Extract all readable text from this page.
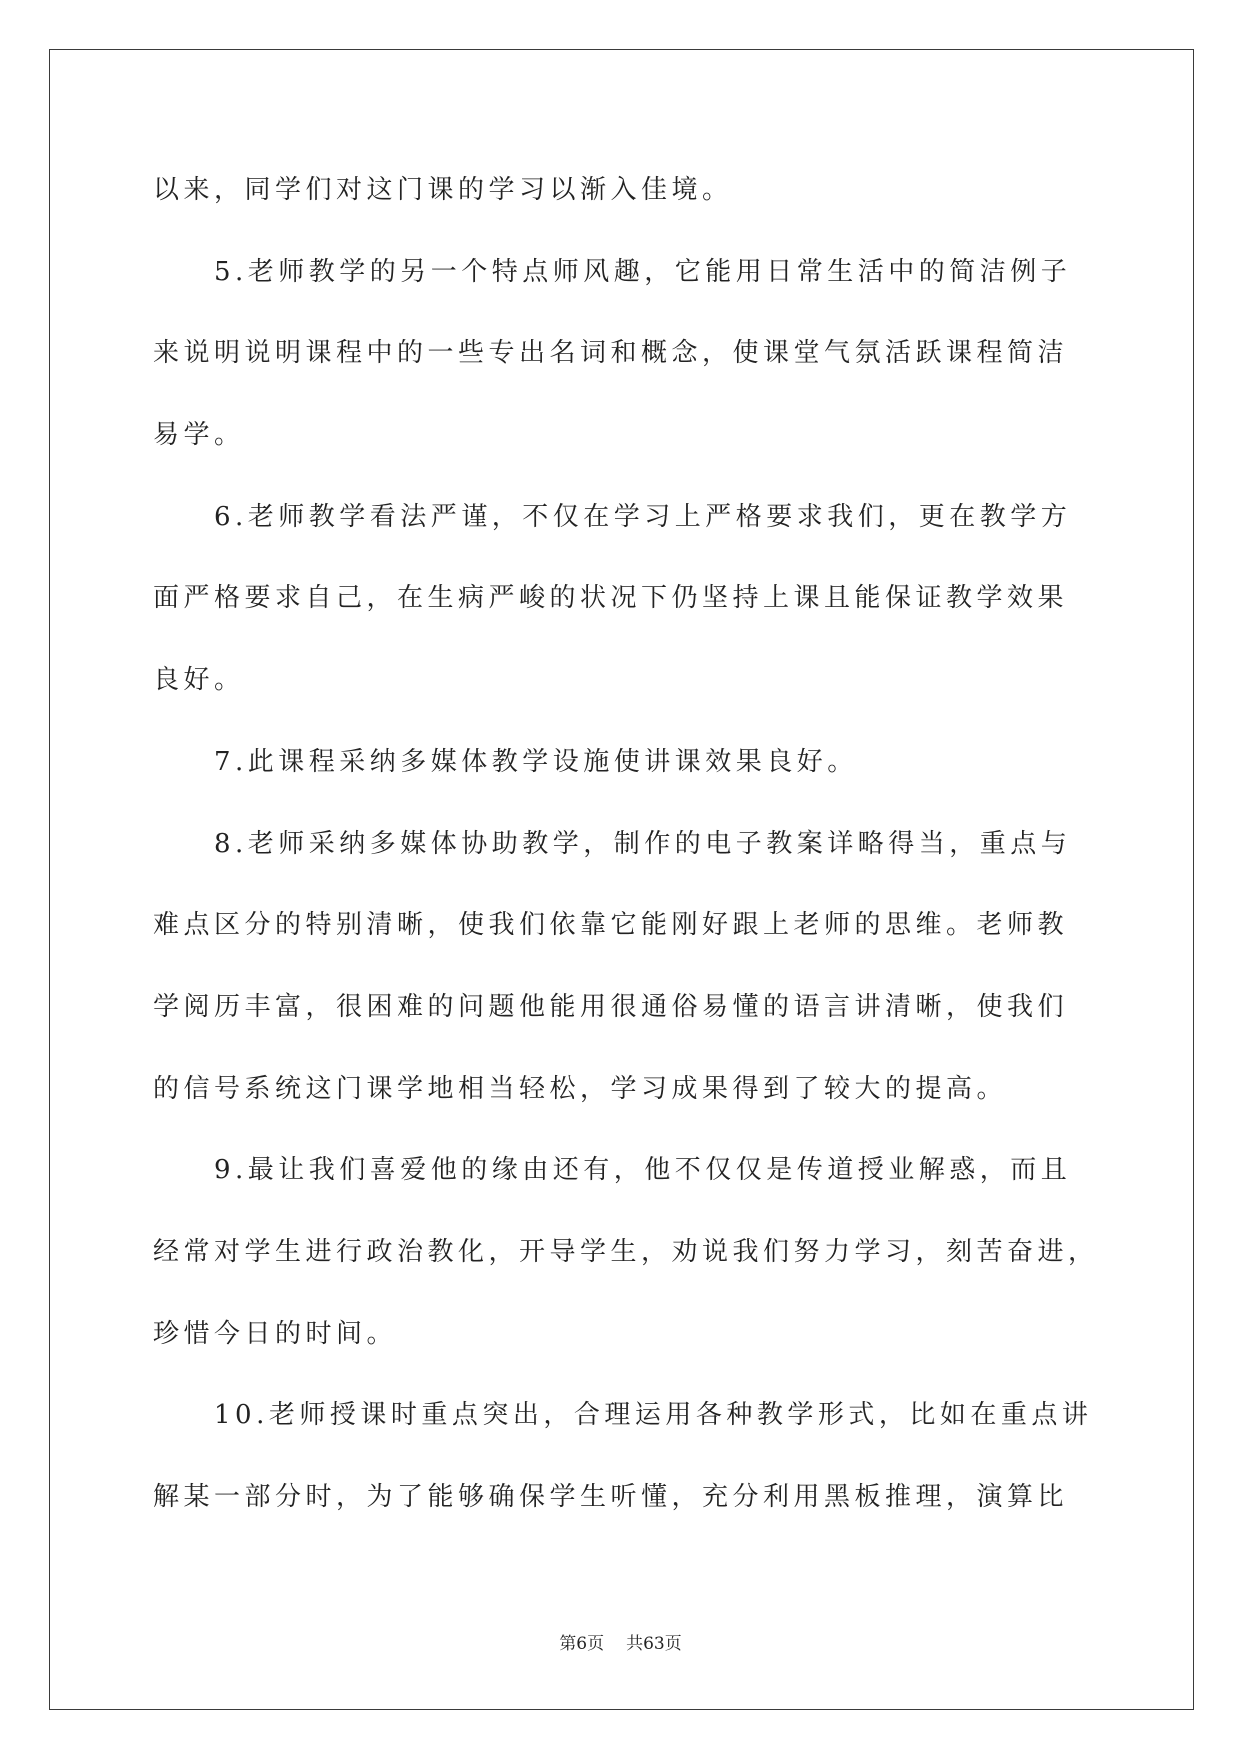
以来，同学们对这门课的学习以渐入佳境。
5.老师教学的另一个特点师风趣，它能用日常生活中的简洁例子
来说明说明课程中的一些专出名词和概念，使课堂气氛活跃课程简洁
易学。
6.老师教学看法严谨，不仅在学习上严格要求我们，更在教学方
面严格要求自己，在生病严峻的状况下仍坚持上课且能保证教学效果
良好。
7.此课程采纳多媒体教学设施使讲课效果良好。
8.老师采纳多媒体协助教学，制作的电子教案详略得当，重点与
难点区分的特别清晰，使我们依靠它能刚好跟上老师的思维。老师教
学阅历丰富，很困难的问题他能用很通俗易懂的语言讲清晰，使我们
的信号系统这门课学地相当轻松，学习成果得到了较大的提高。
9.最让我们喜爱他的缘由还有，他不仅仅是传道授业解惑，而且
经常对学生进行政治教化，开导学生，劝说我们努力学习，刻苦奋进，
珍惜今日的时间。
10.老师授课时重点突出，合理运用各种教学形式，比如在重点讲
解某一部分时，为了能够确保学生听懂，充分利用黑板推理，演算比
第6页 共63页
